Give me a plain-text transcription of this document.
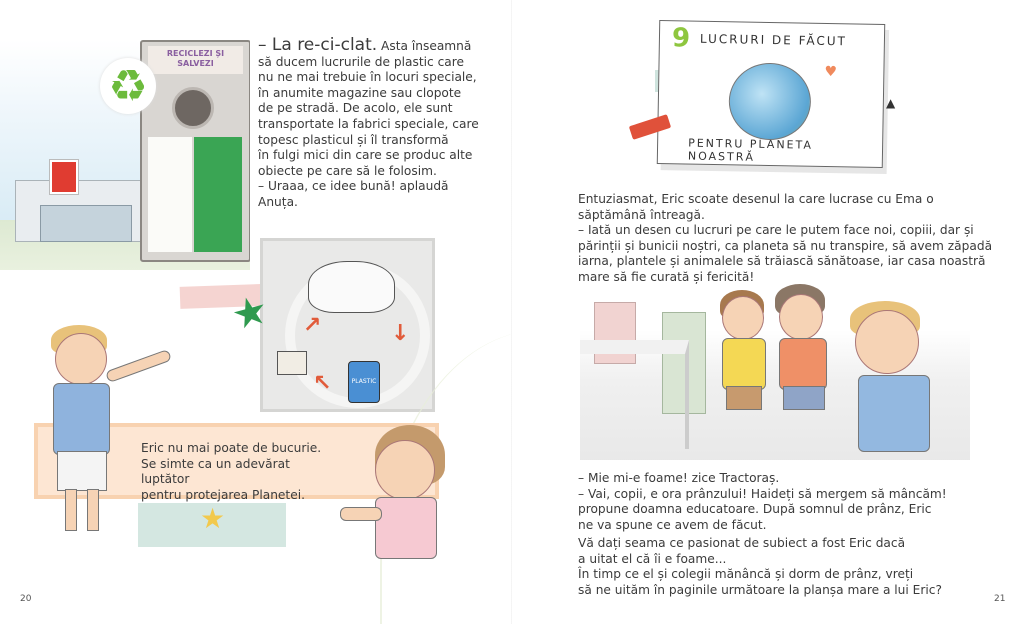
RECICLEZI ȘI SALVEZI
♻

– La re-ci-clat. Asta înseamnă

să ducem lucrurile de plastic care

nu ne mai trebuie în locuri speciale,

în anumite magazine sau clopote

de pe stradă. De acolo, ele sunt

transportate la fabrici speciale, care

topesc plasticul și îl transformă

în fulgi mici din care se produc alte

obiecte pe care să le folosim.

– Uraaa, ce idee bună! aplaudă

Anuța.

PLASTIC
↗	↓
↖
★

Eric nu mai poate de bucurie.

Se simte ca un adevărat luptător

pentru protejarea Planetei.

★
20	21
9 LUCRURI DE FĂCUT
♥
PENTRU PLANETA NOASTRĂ
▲

Entuziasmat, Eric scoate desenul la care lucrase cu Ema o

săptămână întreagă.

– Iată un desen cu lucruri pe care le putem face noi, copiii, dar și

părinții și bunicii noștri, ca planeta să nu transpire, să avem zăpadă

iarna, plantele și animalele să trăiască sănătoase, iar casa noastră

mare să fie curată și fericită!

– Mie mi-e foame! zice Tractoraș.

– Vai, copii, e ora prânzului! Haideți să mergem să mâncăm!

propune doamna educatoare. După somnul de prânz, Eric

ne va spune ce avem de făcut.

Vă dați seama ce pasionat de subiect a fost Eric dacă

a uitat el că îi e foame...

În timp ce el și colegii mănâncă și dorm de prânz, vreți

să ne uităm în paginile următoare la planșa mare a lui Eric?
